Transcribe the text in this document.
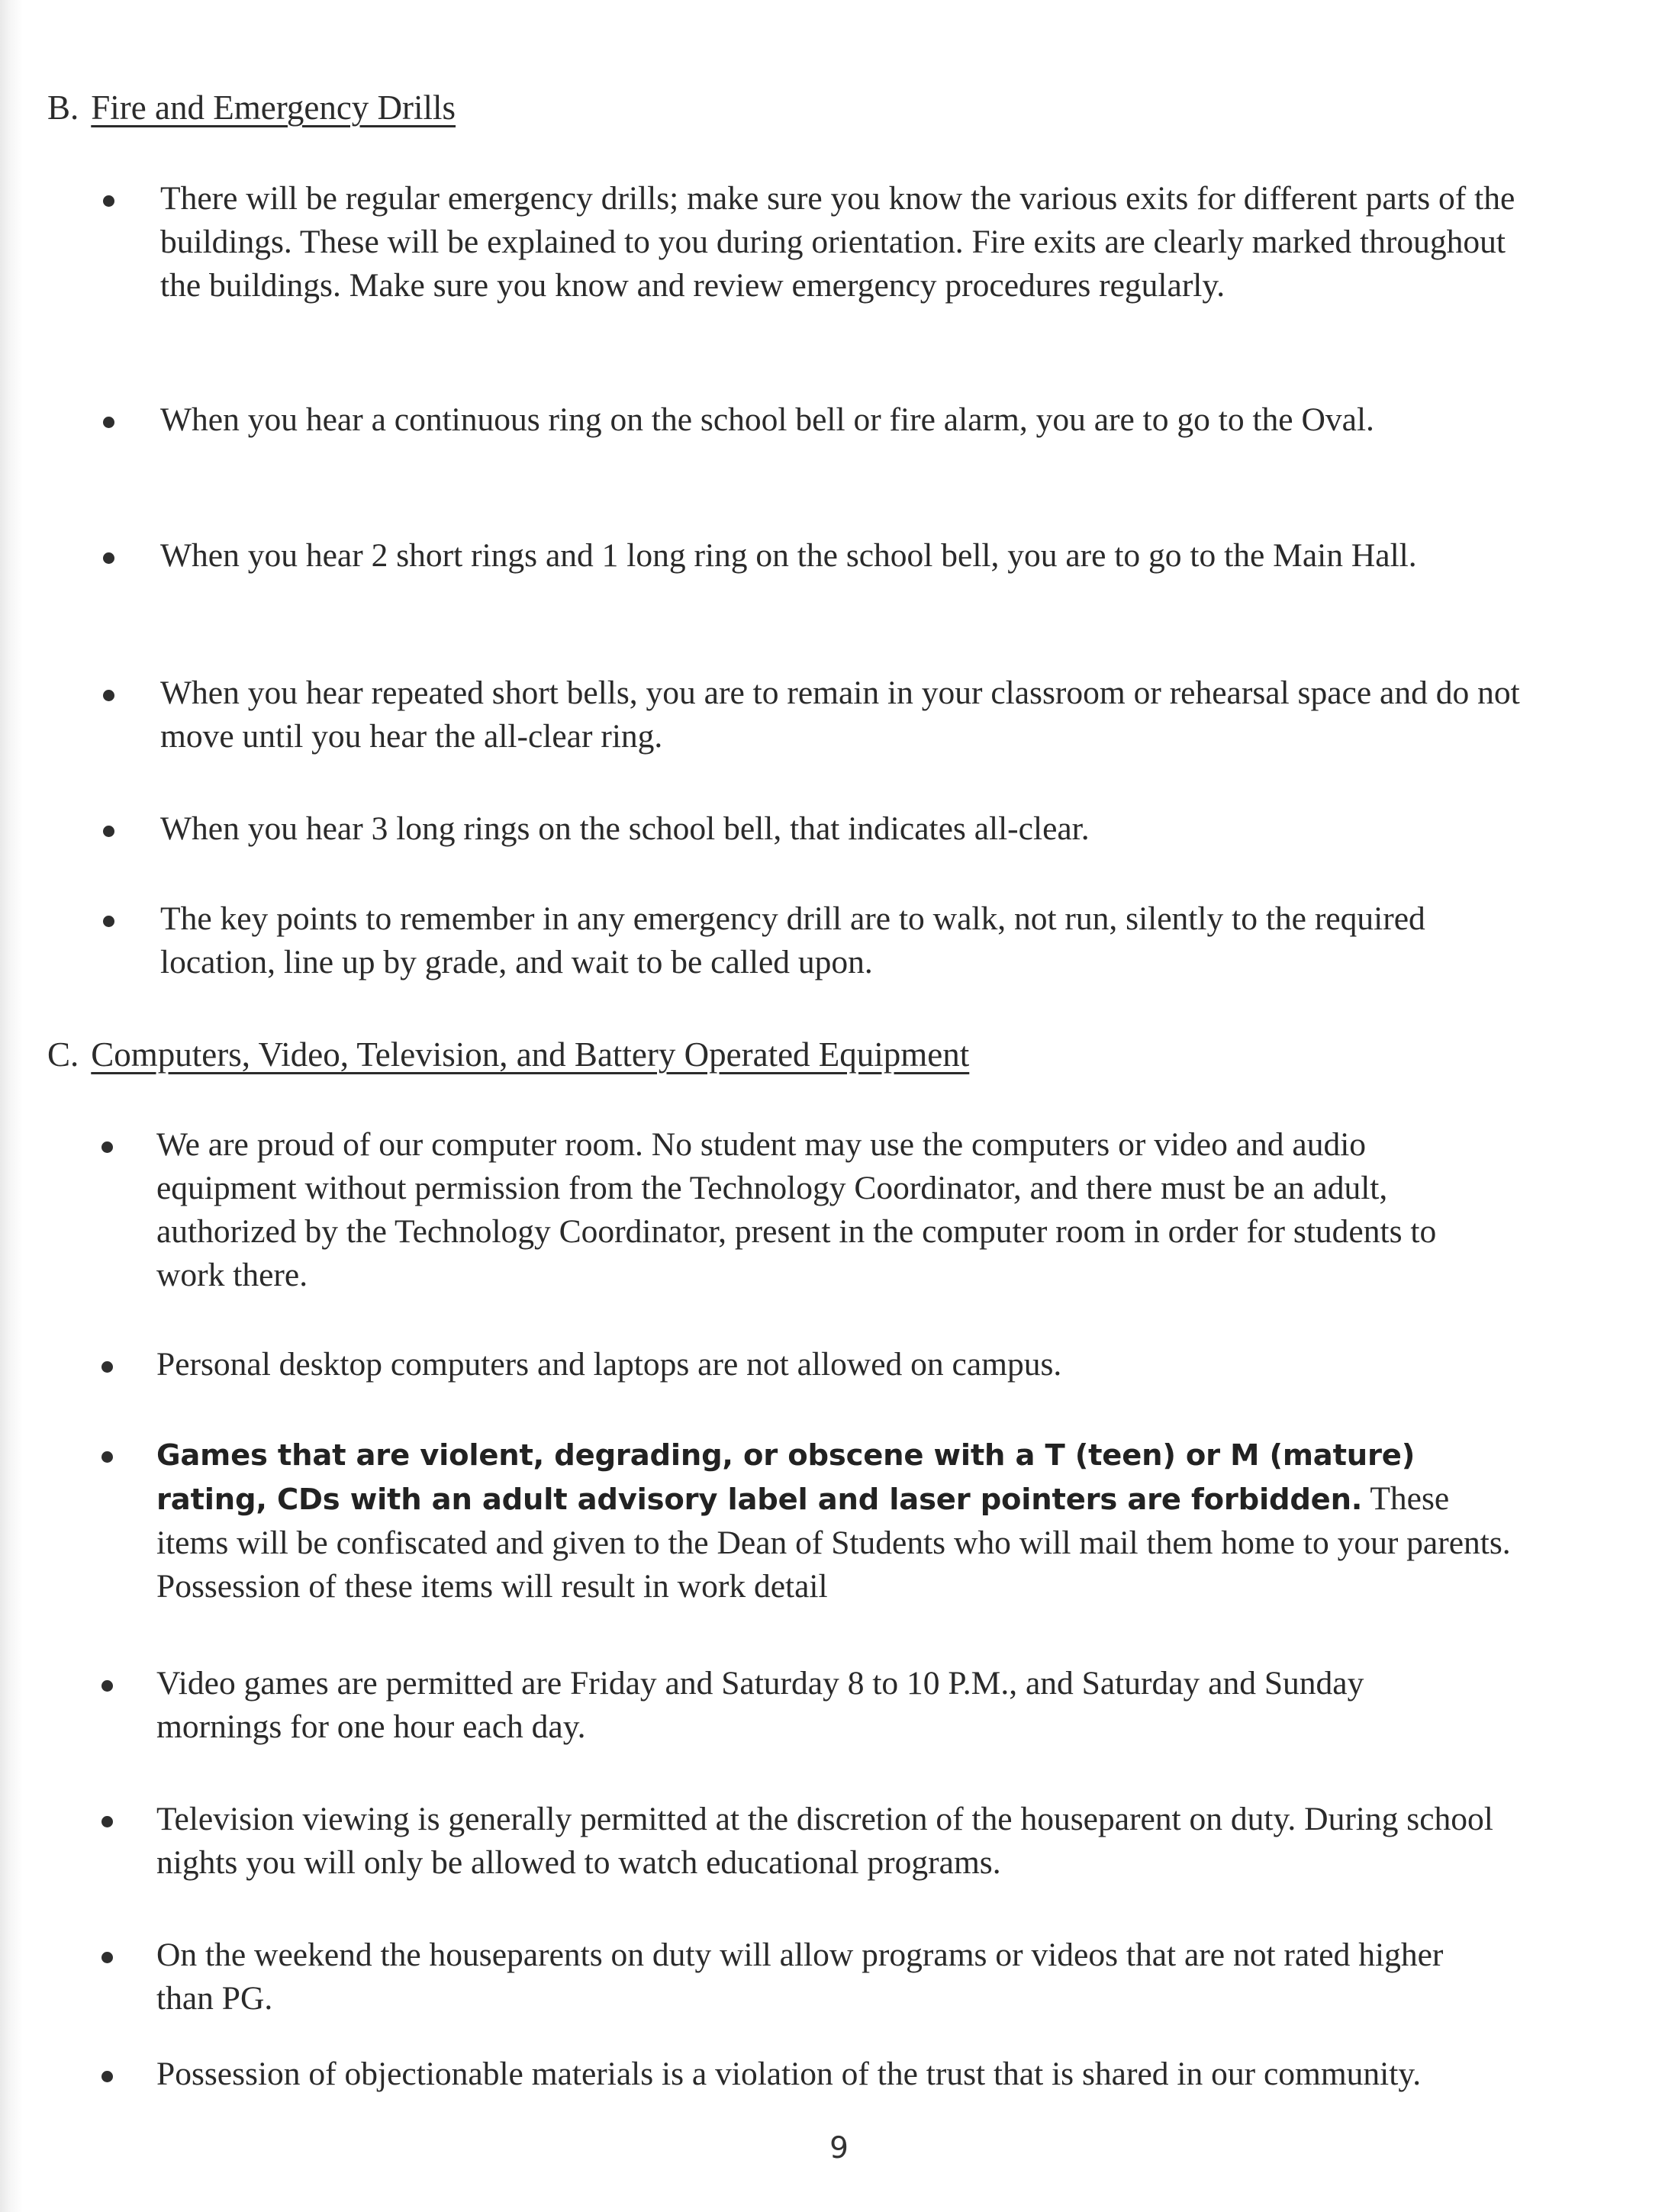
B. Fire and Emergency Drills
There will be regular emergency drills; make sure you know the various exits for different parts of the buildings. These will be explained to you during orientation. Fire exits are clearly marked throughout the buildings. Make sure you know and review emergency procedures regularly.
When you hear a continuous ring on the school bell or fire alarm, you are to go to the Oval.
When you hear 2 short rings and 1 long ring on the school bell, you are to go to the Main Hall.
When you hear repeated short bells, you are to remain in your classroom or rehearsal space and do not move until you hear the all-clear ring.
When you hear 3 long rings on the school bell, that indicates all-clear.
The key points to remember in any emergency drill are to walk, not run, silently to the required location, line up by grade, and wait to be called upon.
C. Computers, Video, Television, and Battery Operated Equipment
We are proud of our computer room. No student may use the computers or video and audio equipment without permission from the Technology Coordinator, and there must be an adult, authorized by the Technology Coordinator, present in the computer room in order for students to work there.
Personal desktop computers and laptops are not allowed on campus.
Games that are violent, degrading, or obscene with a T (teen) or M (mature) rating, CDs with an adult advisory label and laser pointers are forbidden. These items will be confiscated and given to the Dean of Students who will mail them home to your parents. Possession of these items will result in work detail
Video games are permitted are Friday and Saturday 8 to 10 P.M., and Saturday and Sunday mornings for one hour each day.
Television viewing is generally permitted at the discretion of the houseparent on duty. During school nights you will only be allowed to watch educational programs.
On the weekend the houseparents on duty will allow programs or videos that are not rated higher than PG.
Possession of objectionable materials is a violation of the trust that is shared in our community.
9
